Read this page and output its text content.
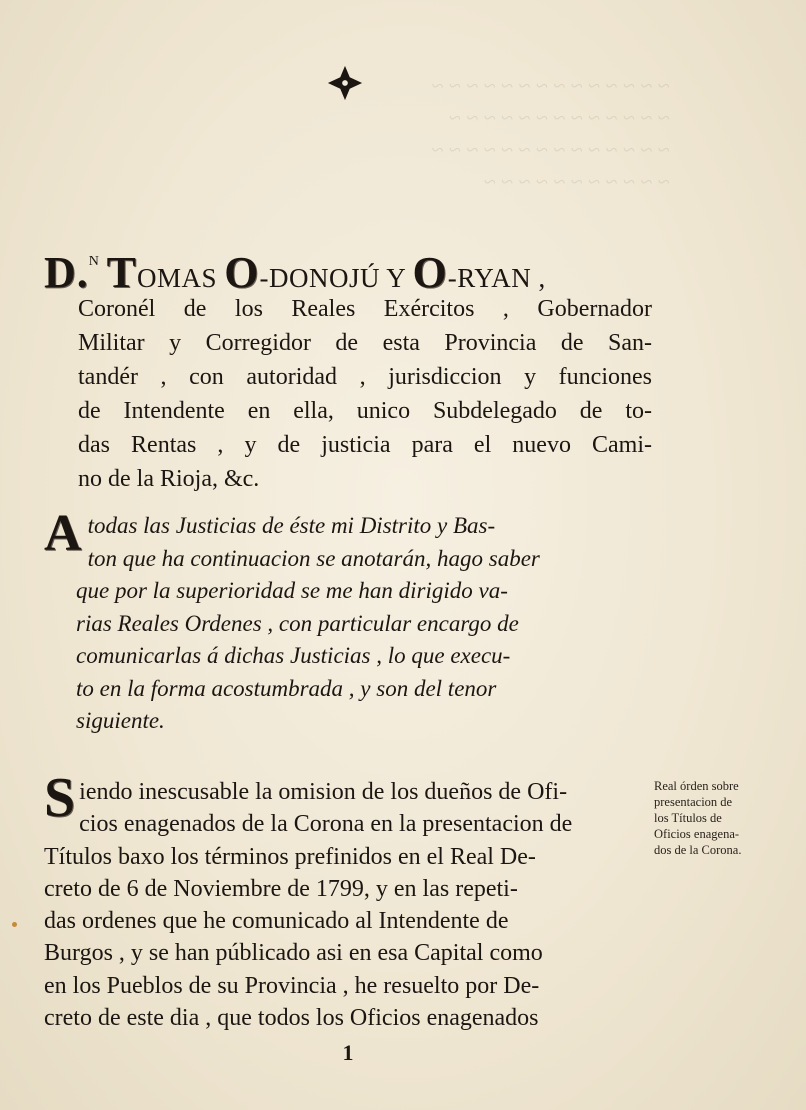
~ ~ ~ ~ ~ ~ ~ ~ ~ ~ ~ ~ ~ ~
~ ~ ~ ~ ~ ~ ~ ~ ~ ~ ~ ~ ~
~ ~ ~ ~ ~ ~ ~ ~ ~ ~ ~ ~ ~ ~
~ ~ ~ ~ ~ ~ ~ ~ ~ ~ ~
D.$^N$ TOMAS O-DONOJÚ Y O-RYAN ,
Coronél de los Reales Exércitos , Gobernador
Militar y Corregidor de esta Provincia de San-
tandér , con autoridad , jurisdiccion y funciones
de Intendente en ella, unico Subdelegado de to-
das Rentas , y de justicia para el nuevo Cami-
no de la Rioja, &c.
A todas las Justicias de éste mi Distrito y Bas-
ton que ha continuacion se anotarán, hago saber
que por la superioridad se me han dirigido va-
rias Reales Ordenes , con particular encargo de
comunicarlas á dichas Justicias , lo que execu-
to en la forma acostumbrada , y son del tenor
siguiente.
S iendo inescusable la omision de los dueños de Ofi-
cios enagenados de la Corona en la presentacion de
Títulos baxo los términos prefinidos en el Real De-
creto de 6 de Noviembre de 1799, y en las repeti-
das ordenes que he comunicado al Intendente de
Burgos , y se han públicado asi en esa Capital como
en los Pueblos de su Provincia , he resuelto por De-
creto de este dia , que todos los Oficios enagenados
Real órden sobre
presentacion de
los Títulos de
Oficios enagena-
dos de la Corona.
1
